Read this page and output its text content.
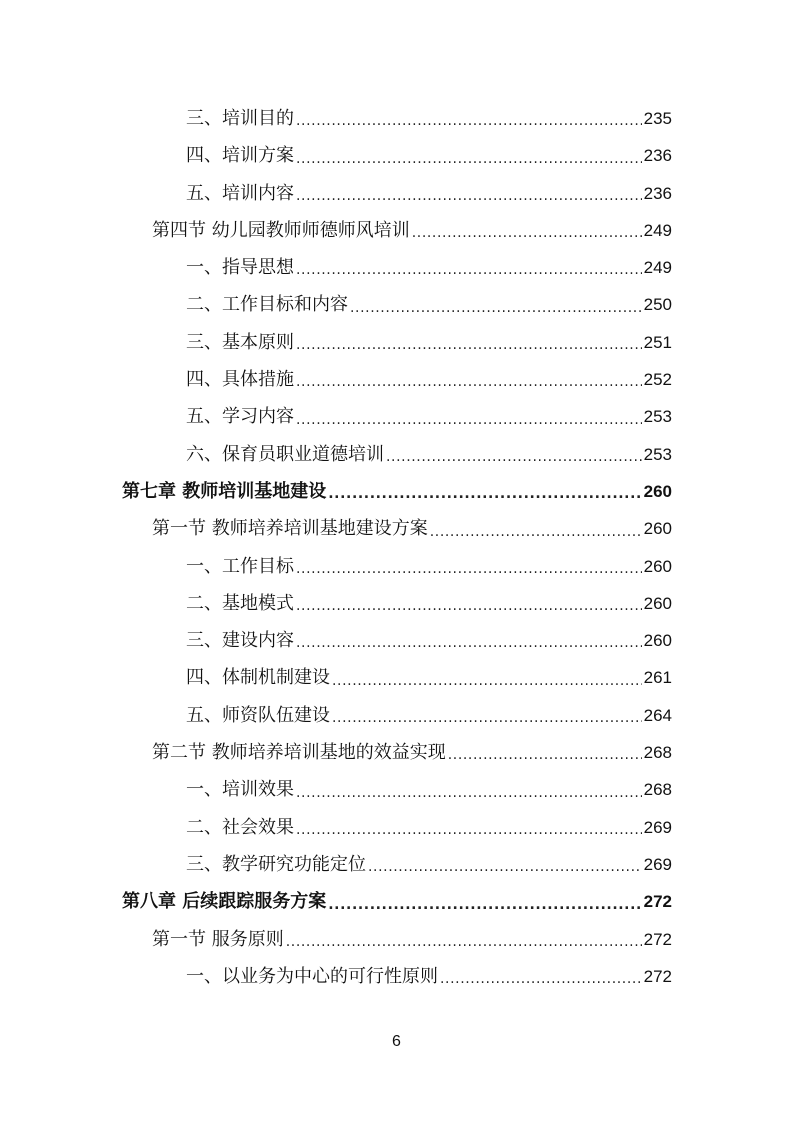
三、培训目的 .....	235
四、培训方案 .....	236
五、培训内容 .....	236
第四节 幼儿园教师师德师风培训 .....	249
一、指导思想 .....	249
二、工作目标和内容 .....	250
三、基本原则 .....	251
四、具体措施 .....	252
五、学习内容 .....	253
六、保育员职业道德培训 .....	253
第七章 教师培训基地建设 .....	260
第一节 教师培养培训基地建设方案 .....	260
一、工作目标 .....	260
二、基地模式 .....	260
三、建设内容 .....	260
四、体制机制建设 .....	261
五、师资队伍建设 .....	264
第二节 教师培养培训基地的效益实现 .....	268
一、培训效果 .....	268
二、社会效果 .....	269
三、教学研究功能定位 .....	269
第八章 后续跟踪服务方案 .....	272
第一节 服务原则 .....	272
一、以业务为中心的可行性原则 .....	272
6
